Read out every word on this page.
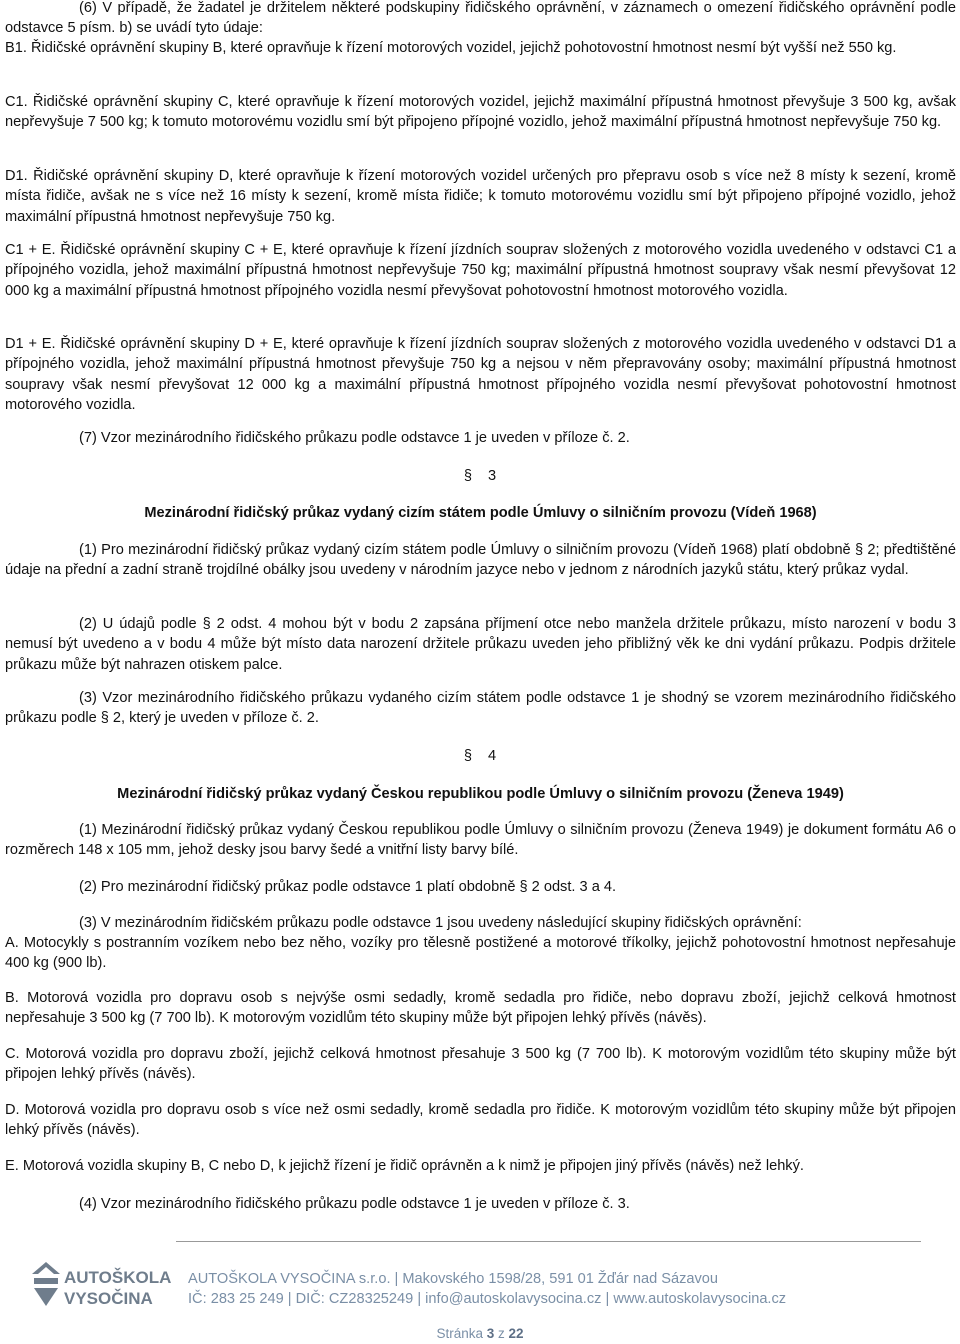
(6) V případě, že žadatel je držitelem některé podskupiny řidičského oprávnění, v záznamech o omezení řidičského oprávnění podle odstavce 5 písm. b) se uvádí tyto údaje:

B1. Řidičské oprávnění skupiny B, které opravňuje k řízení motorových vozidel, jejichž pohotovostní hmotnost nesmí být vyšší než 550 kg.

C1. Řidičské oprávnění skupiny C, které opravňuje k řízení motorových vozidel, jejichž maximální přípustná hmotnost převyšuje 3 500 kg, avšak nepřevyšuje 7 500 kg; k tomuto motorovému vozidlu smí být připojeno přípojné vozidlo, jehož maximální přípustná hmotnost nepřevyšuje 750 kg.

D1. Řidičské oprávnění skupiny D, které opravňuje k řízení motorových vozidel určených pro přepravu osob s více než 8 místy k sezení, kromě místa řidiče, avšak ne s více než 16 místy k sezení, kromě místa řidiče; k tomuto motorovému vozidlu smí být připojeno přípojné vozidlo, jehož maximální přípustná hmotnost nepřevyšuje 750 kg.

C1 + E. Řidičské oprávnění skupiny C + E, které opravňuje k řízení jízdních souprav složených z motorového vozidla uvedeného v odstavci C1 a přípojného vozidla, jehož maximální přípustná hmotnost nepřevyšuje 750 kg; maximální přípustná hmotnost soupravy však nesmí převyšovat 12 000 kg a maximální přípustná hmotnost přípojného vozidla nesmí převyšovat pohotovostní hmotnost motorového vozidla.

D1 + E. Řidičské oprávnění skupiny D + E, které opravňuje k řízení jízdních souprav složených z motorového vozidla uvedeného v odstavci D1 a přípojného vozidla, jehož maximální přípustná hmotnost převyšuje 750 kg a nejsou v něm přepravovány osoby; maximální přípustná hmotnost soupravy však nesmí převyšovat 12 000 kg a maximální přípustná hmotnost přípojného vozidla nesmí převyšovat pohotovostní hmotnost motorového vozidla.

(7) Vzor mezinárodního řidičského průkazu podle odstavce 1 je uveden v příloze č. 2.

§ 3

Mezinárodní řidičský průkaz vydaný cizím státem podle Úmluvy o silničním provozu (Vídeň 1968)

(1) Pro mezinárodní řidičský průkaz vydaný cizím státem podle Úmluvy o silničním provozu (Vídeň 1968) platí obdobně § 2; předtištěné údaje na přední a zadní straně trojdílné obálky jsou uvedeny v národním jazyce nebo v jednom z národních jazyků státu, který průkaz vydal.

(2) U údajů podle § 2 odst. 4 mohou být v bodu 2 zapsána příjmení otce nebo manžela držitele průkazu, místo narození v bodu 3 nemusí být uvedeno a v bodu 4 může být místo data narození držitele průkazu uveden jeho přibližný věk ke dni vydání průkazu. Podpis držitele průkazu může být nahrazen otiskem palce.

(3) Vzor mezinárodního řidičského průkazu vydaného cizím státem podle odstavce 1 je shodný se vzorem mezinárodního řidičského průkazu podle § 2, který je uveden v příloze č. 2.

§ 4

Mezinárodní řidičský průkaz vydaný Českou republikou podle Úmluvy o silničním provozu (Ženeva 1949)

(1) Mezinárodní řidičský průkaz vydaný Českou republikou podle Úmluvy o silničním provozu (Ženeva 1949) je dokument formátu A6 o rozměrech 148 x 105 mm, jehož desky jsou barvy šedé a vnitřní listy barvy bílé.

(2) Pro mezinárodní řidičský průkaz podle odstavce 1 platí obdobně § 2 odst. 3 a 4.

(3) V mezinárodním řidičském průkazu podle odstavce 1 jsou uvedeny následující skupiny řidičských oprávnění:

A. Motocykly s postranním vozíkem nebo bez něho, vozíky pro tělesně postižené a motorové tříkolky, jejichž pohotovostní hmotnost nepřesahuje 400 kg (900 lb).

B. Motorová vozidla pro dopravu osob s nejvýše osmi sedadly, kromě sedadla pro řidiče, nebo dopravu zboží, jejichž celková hmotnost nepřesahuje 3 500 kg (7 700 lb). K motorovým vozidlům této skupiny může být připojen lehký přívěs (návěs).

C. Motorová vozidla pro dopravu zboží, jejichž celková hmotnost přesahuje 3 500 kg (7 700 lb). K motorovým vozidlům této skupiny může být připojen lehký přívěs (návěs).

D. Motorová vozidla pro dopravu osob s více než osmi sedadly, kromě sedadla pro řidiče. K motorovým vozidlům této skupiny může být připojen lehký přívěs (návěs).

E. Motorová vozidla skupiny B, C nebo D, k jejichž řízení je řidič oprávněn a k nimž je připojen jiný přívěs (návěs) než lehký.

(4) Vzor mezinárodního řidičského průkazu podle odstavce 1 je uveden v příloze č. 3.

AUTOŠKOLA
VYSOČINA
AUTOŠKOLA VYSOČINA s.r.o. | Makovského 1598/28, 591 01 Žďár nad Sázavou
IČ: 283 25 249 | DIČ: CZ28325249 | info@autoskolavysocina.cz | www.autoskolavysocina.cz
Stránka 3 z 22
